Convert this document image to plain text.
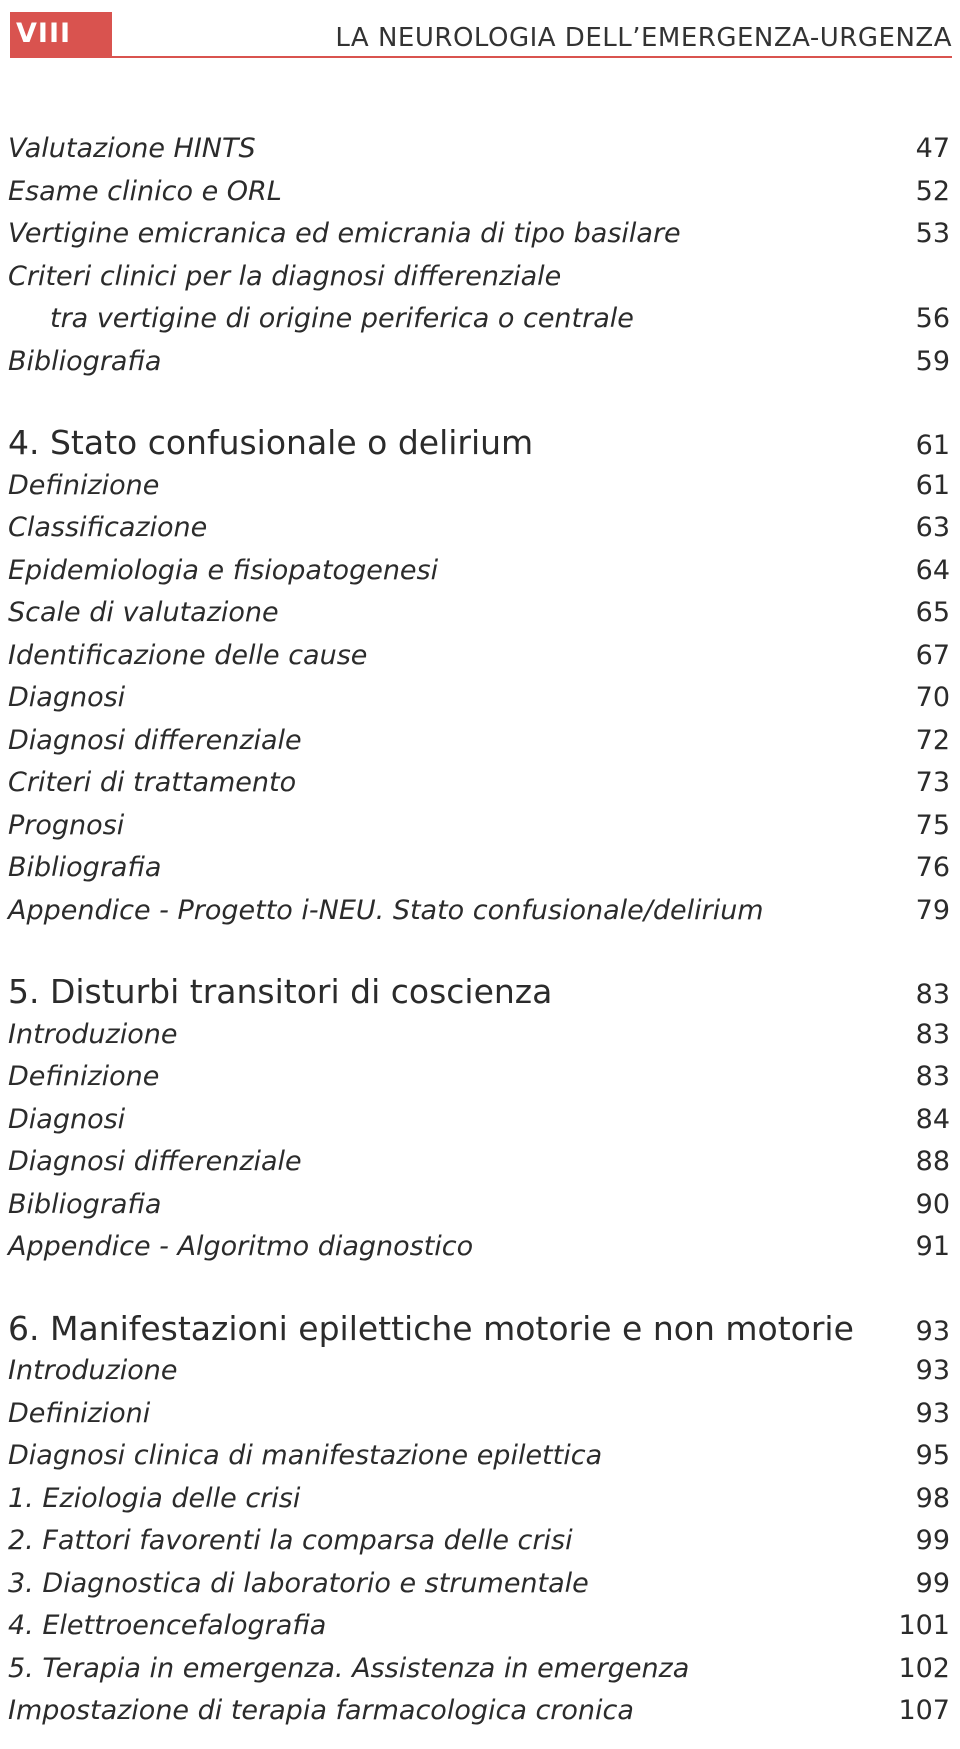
VIII	LA NEUROLOGIA DELL’EMERGENZA-URGENZA
Valutazione HINTS	47
Esame clinico e ORL	52
Vertigine emicranica ed emicrania di tipo basilare	53
Criteri clinici per la diagnosi differenziale
tra vertigine di origine periferica o centrale	56
Bibliografia	59
4. Stato confusionale o delirium	61
Definizione	61
Classificazione	63
Epidemiologia e fisiopatogenesi	64
Scale di valutazione	65
Identificazione delle cause	67
Diagnosi	70
Diagnosi differenziale	72
Criteri di trattamento	73
Prognosi	75
Bibliografia	76
Appendice - Progetto i-NEU. Stato confusionale/delirium	79
5. Disturbi transitori di coscienza	83
Introduzione	83
Definizione	83
Diagnosi	84
Diagnosi differenziale	88
Bibliografia	90
Appendice - Algoritmo diagnostico	91
6. Manifestazioni epilettiche motorie e non motorie 93
Introduzione	93
Definizioni	93
Diagnosi clinica di manifestazione epilettica	95
1. Eziologia delle crisi	98
2. Fattori favorenti la comparsa delle crisi	99
3. Diagnostica di laboratorio e strumentale	99
4. Elettroencefalografia	101
5. Terapia in emergenza. Assistenza in emergenza	102
Impostazione di terapia farmacologica cronica	107
